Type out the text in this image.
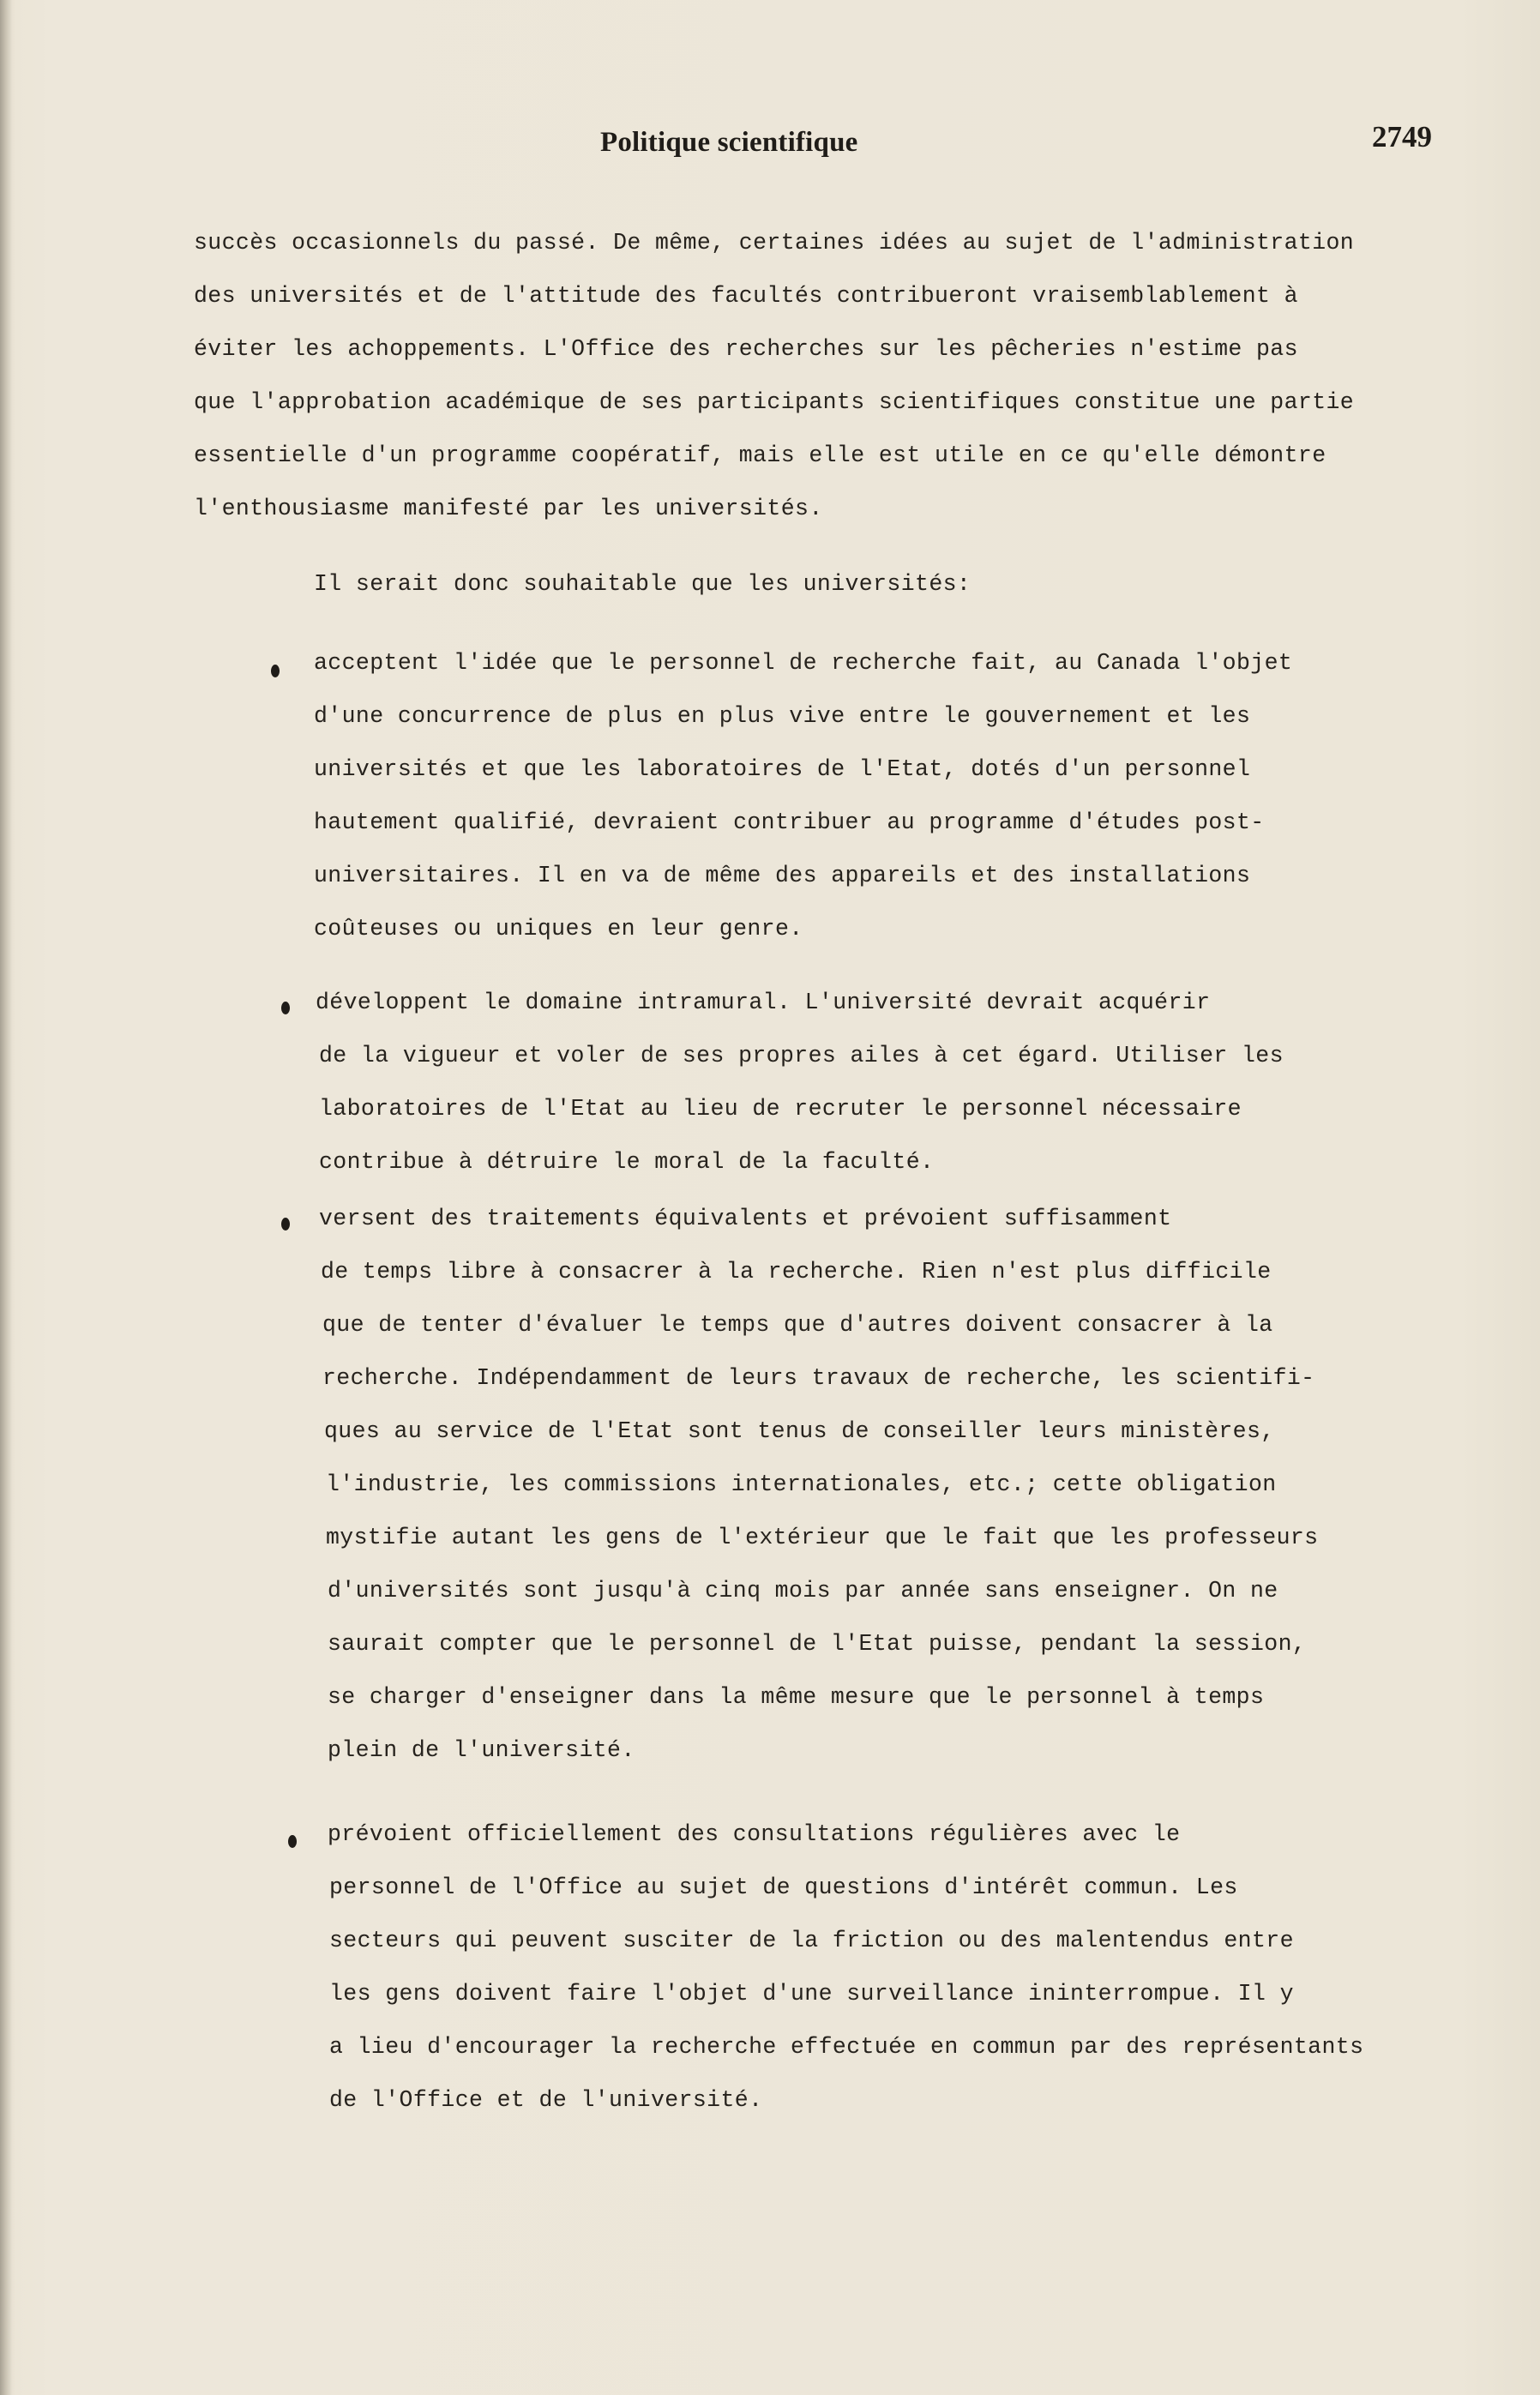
Politique scientifique	2749
succès occasionnels du passé. De même, certaines idées au sujet de l'administration
des universités et de l'attitude des facultés contribueront vraisemblablement à
éviter les achoppements. L'Office des recherches sur les pêcheries n'estime pas
que l'approbation académique de ses participants scientifiques constitue une partie
essentielle d'un programme coopératif, mais elle est utile en ce qu'elle démontre
l'enthousiasme manifesté par les universités.
Il serait donc souhaitable que les universités:
acceptent l'idée que le personnel de recherche fait, au Canada l'objet
d'une concurrence de plus en plus vive entre le gouvernement et les
universités et que les laboratoires de l'Etat, dotés d'un personnel
hautement qualifié, devraient contribuer au programme d'études post-
universitaires. Il en va de même des appareils et des installations
coûteuses ou uniques en leur genre.
développent le domaine intramural. L'université devrait acquérir
de la vigueur et voler de ses propres ailes à cet égard. Utiliser les
laboratoires de l'Etat au lieu de recruter le personnel nécessaire
contribue à détruire le moral de la faculté.
versent des traitements équivalents et prévoient suffisamment
de temps libre à consacrer à la recherche. Rien n'est plus difficile
que de tenter d'évaluer le temps que d'autres doivent consacrer à la
recherche. Indépendamment de leurs travaux de recherche, les scientifi-
ques au service de l'Etat sont tenus de conseiller leurs ministères,
l'industrie, les commissions internationales, etc.; cette obligation
mystifie autant les gens de l'extérieur que le fait que les professeurs
d'universités sont jusqu'à cinq mois par année sans enseigner. On ne
saurait compter que le personnel de l'Etat puisse, pendant la session,
se charger d'enseigner dans la même mesure que le personnel à temps
plein de l'université.
prévoient officiellement des consultations régulières avec le
personnel de l'Office au sujet de questions d'intérêt commun. Les
secteurs qui peuvent susciter de la friction ou des malentendus entre
les gens doivent faire l'objet d'une surveillance ininterrompue. Il y
a lieu d'encourager la recherche effectuée en commun par des représentants
de l'Office et de l'université.
